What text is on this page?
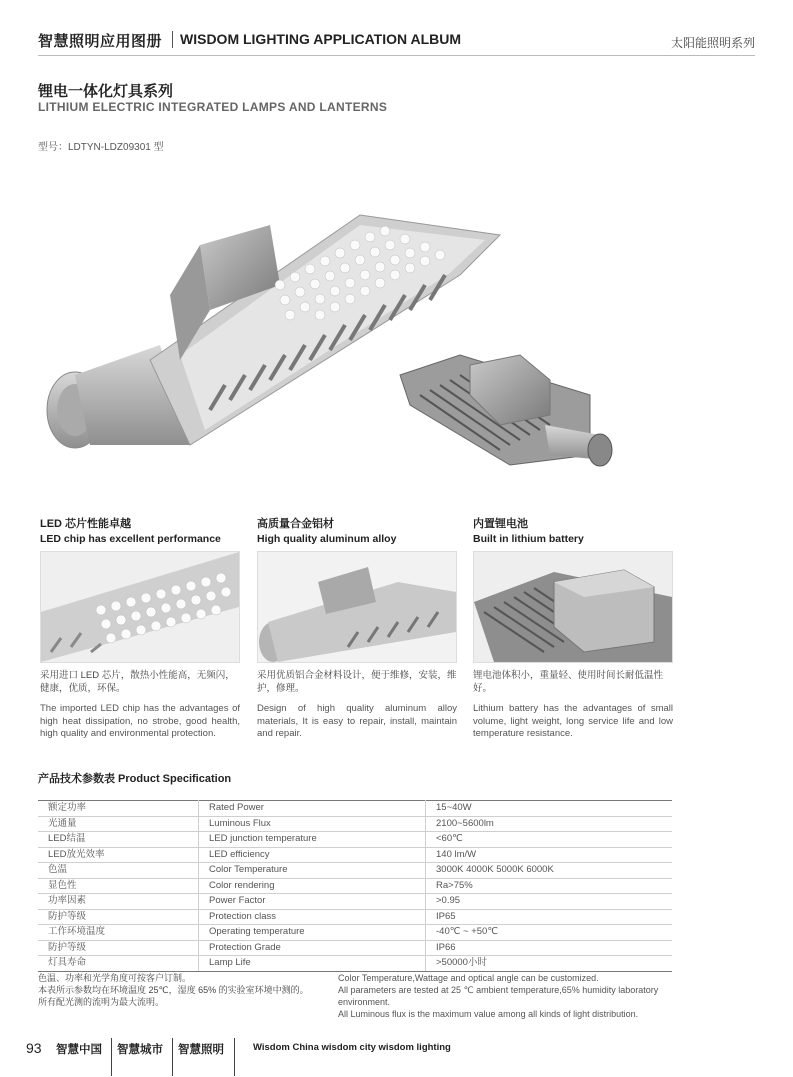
智慧照明应用图册 WISDOM LIGHTING APPLICATION ALBUM	太阳能照明系列
锂电一体化灯具系列
LITHIUM ELECTRIC INTEGRATED LAMPS AND LANTERNS
型号：LDTYN-LDZ09301 型
LED 芯片性能卓越
LED chip has excellent performance
采用进口 LED 芯片，散热小性能高，无频闪，健康，优质，环保。
The imported LED chip has the advantages of high heat dissipation, no strobe, good health, high quality and environmental protection.
高质量合金铝材
High quality aluminum alloy
采用优质铝合金材料设计，便于维修，安装，维护，修理。
Design of high quality aluminum alloy materials, It is easy to repair, install, maintain and repair.
内置锂电池
Built in lithium battery
锂电池体积小，重量轻、使用时间长耐低温性好。
Lithium battery has the advantages of small volume, light weight, long service life and low temperature resistance.
产品技术参数表 Product Specification
额定功率	Rated Power	15~40W
光通量	Luminous Flux	2100~5600lm
LED结温	LED junction temperature	<60℃
LED放光效率	LED efficiency	140 lm/W
色温	Color Temperature	3000K 4000K 5000K 6000K
显色性	Color rendering	Ra>75%
功率因素	Power Factor	>0.95
防护等级	Protection class	IP65
工作环境温度	Operating temperature	-40℃ ~ +50℃
防护等级	Protection Grade	IP66
灯具寿命	Lamp Life	>50000小时
色温、功率和光学角度可按客户订制。
本表所示参数均在环境温度 25℃，湿度 65% 的实验室环境中测的。
所有配光测的流明为最大流明。
Color Temperature,Wattage and optical angle can be customized.
All parameters are tested at 25 ℃ ambient temperature,65% humidity laboratory environment.
All Luminous flux is the maximum value among all kinds of light distribution.
93 智慧中国 智慧城市 智慧照明	Wisdom China wisdom city wisdom lighting
